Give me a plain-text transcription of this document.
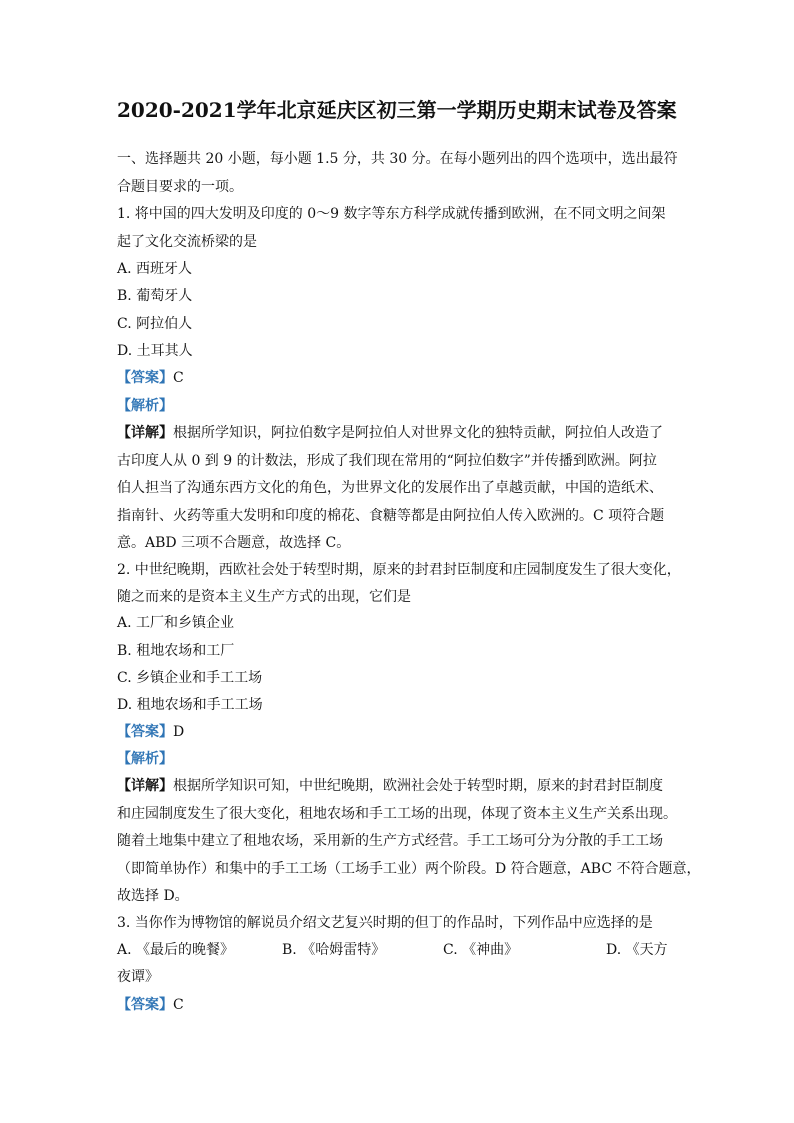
2020-2021学年北京延庆区初三第一学期历史期末试卷及答案
一、选择题共 20 小题，每小题 1.5 分，共 30 分。在每小题列出的四个选项中，选出最符
合题目要求的一项。
1. 将中国的四大发明及印度的 0～9 数字等东方科学成就传播到欧洲，在不同文明之间架
起了文化交流桥梁的是
A. 西班牙人
B. 葡萄牙人
C. 阿拉伯人
D. 土耳其人
【答案】C
【解析】
【详解】根据所学知识，阿拉伯数字是阿拉伯人对世界文化的独特贡献，阿拉伯人改造了
古印度人从 0 到 9 的计数法，形成了我们现在常用的“阿拉伯数字”并传播到欧洲。阿拉
伯人担当了沟通东西方文化的角色，为世界文化的发展作出了卓越贡献，中国的造纸术、
指南针、火药等重大发明和印度的棉花、食糖等都是由阿拉伯人传入欧洲的。C 项符合题
意。ABD 三项不合题意，故选择 C。
2. 中世纪晚期，西欧社会处于转型时期，原来的封君封臣制度和庄园制度发生了很大变化，
随之而来的是资本主义生产方式的出现，它们是
A. 工厂和乡镇企业
B. 租地农场和工厂
C. 乡镇企业和手工工场
D. 租地农场和手工工场
【答案】D
【解析】
【详解】根据所学知识可知，中世纪晚期，欧洲社会处于转型时期，原来的封君封臣制度
和庄园制度发生了很大变化，租地农场和手工工场的出现，体现了资本主义生产关系出现。
随着土地集中建立了租地农场，采用新的生产方式经营。手工工场可分为分散的手工工场
（即简单协作）和集中的手工工场（工场手工业）两个阶段。D 符合题意，ABC 不符合题意，
故选择 D。
3. 当你作为博物馆的解说员介绍文艺复兴时期的但丁的作品时，下列作品中应选择的是
A. 《最后的晚餐》	B. 《哈姆雷特》	C. 《神曲》	D. 《天方
夜谭》
【答案】C
